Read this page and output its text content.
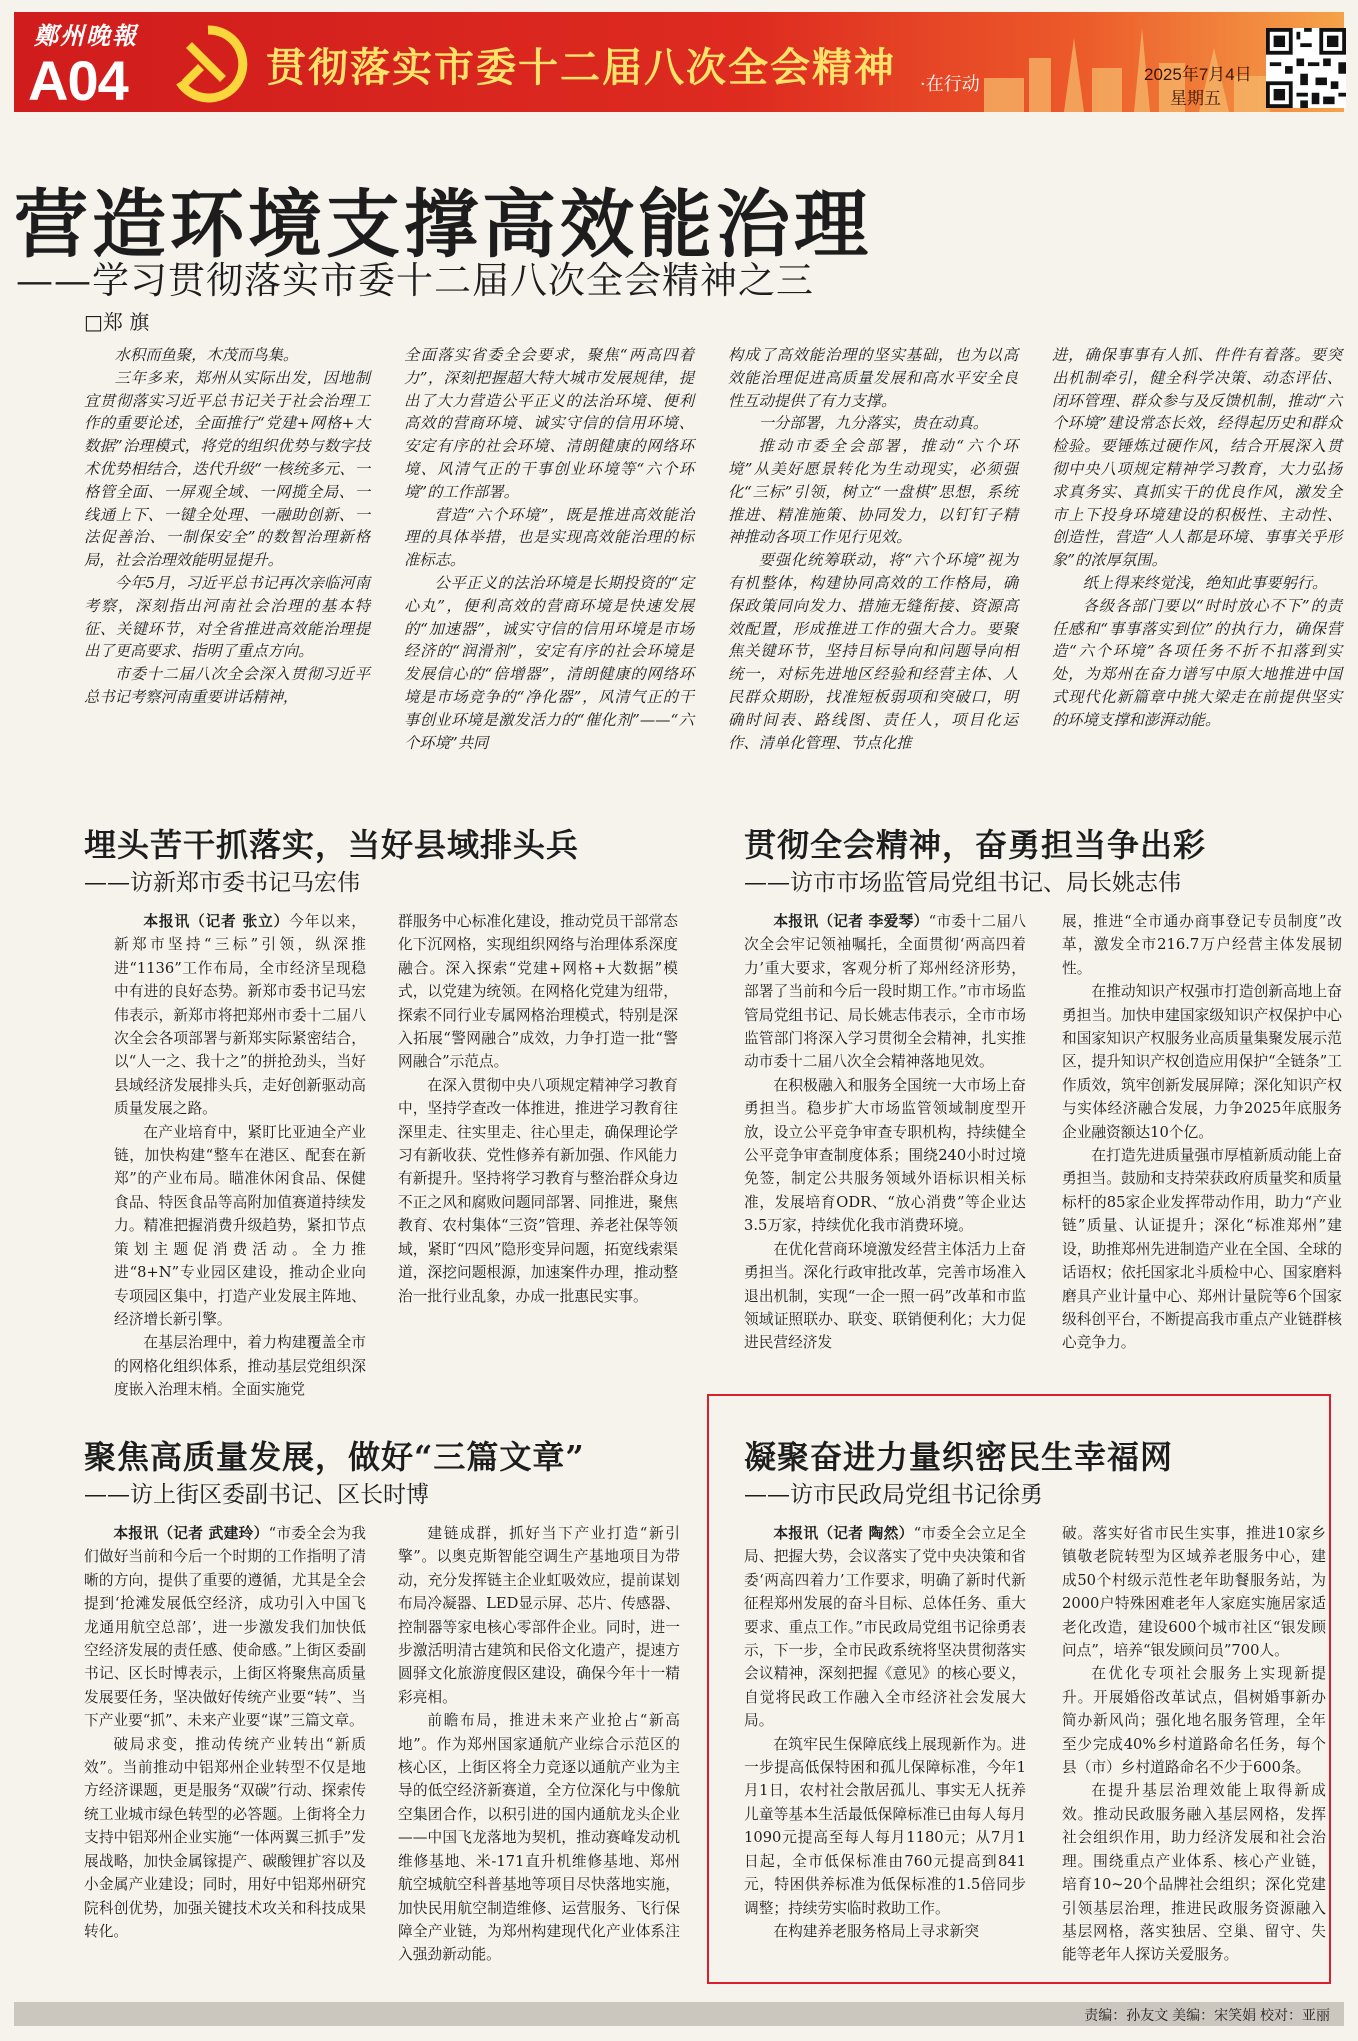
鄭州晚報
A04	贯彻落实市委十二届八次全会精神 ·在行动	2025年7月4日
星期五
营造环境支撑高效能治理
——学习贯彻落实市委十二届八次全会精神之三
□郑 旗

水积而鱼聚，木茂而鸟集。

三年多来，郑州从实际出发，因地制宜贯彻落实习近平总书记关于社会治理工作的重要论述，全面推行“党建+网格+大数据”治理模式，将党的组织优势与数字技术优势相结合，迭代升级“一核统多元、一格管全面、一屏观全域、一网揽全局、一线通上下、一键全处理、一融助创新、一法促善治、一制保安全”的数智治理新格局，社会治理效能明显提升。

今年5月，习近平总书记再次亲临河南考察，深刻指出河南社会治理的基本特征、关键环节，对全省推进高效能治理提出了更高要求、指明了重点方向。

市委十二届八次全会深入贯彻习近平总书记考察河南重要讲话精神，

全面落实省委全会要求，聚焦“两高四着力”，深刻把握超大特大城市发展规律，提出了大力营造公平正义的法治环境、便利高效的营商环境、诚实守信的信用环境、安定有序的社会环境、清朗健康的网络环境、风清气正的干事创业环境等“六个环境”的工作部署。

营造“六个环境”，既是推进高效能治理的具体举措，也是实现高效能治理的标准标志。

公平正义的法治环境是长期投资的“定心丸”，便利高效的营商环境是快速发展的“加速器”，诚实守信的信用环境是市场经济的“润滑剂”，安定有序的社会环境是发展信心的“倍增器”，清朗健康的网络环境是市场竞争的“净化器”，风清气正的干事创业环境是激发活力的“催化剂”——“六个环境”共同

构成了高效能治理的坚实基础，也为以高效能治理促进高质量发展和高水平安全良性互动提供了有力支撑。

一分部署，九分落实，贵在动真。

推动市委全会部署，推动“六个环境”从美好愿景转化为生动现实，必须强化“三标”引领，树立“一盘棋”思想，系统推进、精准施策、协同发力，以钉钉子精神推动各项工作见行见效。

要强化统筹联动，将“六个环境”视为有机整体，构建协同高效的工作格局，确保政策同向发力、措施无缝衔接、资源高效配置，形成推进工作的强大合力。要聚焦关键环节，坚持目标导向和问题导向相统一，对标先进地区经验和经营主体、人民群众期盼，找准短板弱项和突破口，明确时间表、路线图、责任人，项目化运作、清单化管理、节点化推

进，确保事事有人抓、件件有着落。要突出机制牵引，健全科学决策、动态评估、闭环管理、群众参与及反馈机制，推动“六个环境”建设常态长效，经得起历史和群众检验。要锤炼过硬作风，结合开展深入贯彻中央八项规定精神学习教育，大力弘扬求真务实、真抓实干的优良作风，激发全市上下投身环境建设的积极性、主动性、创造性，营造“人人都是环境、事事关乎形象”的浓厚氛围。

纸上得来终觉浅，绝知此事要躬行。

各级各部门要以“时时放心不下”的责任感和“事事落实到位”的执行力，确保营造“六个环境”各项任务不折不扣落到实处，为郑州在奋力谱写中原大地推进中国式现代化新篇章中挑大梁走在前提供坚实的环境支撑和澎湃动能。

埋头苦干抓落实，当好县域排头兵
——访新郑市委书记马宏伟

本报讯（记者 张立）今年以来，新郑市坚持“三标”引领，纵深推进“1136”工作布局，全市经济呈现稳中有进的良好态势。新郑市委书记马宏伟表示，新郑市将把郑州市委十二届八次全会各项部署与新郑实际紧密结合，以“人一之、我十之”的拼抢劲头，当好县域经济发展排头兵，走好创新驱动高质量发展之路。

在产业培育中，紧盯比亚迪全产业链，加快构建“整车在港区、配套在新郑”的产业布局。瞄准休闲食品、保健食品、特医食品等高附加值赛道持续发力。精准把握消费升级趋势，紧扣节点策划主题促消费活动。全力推进“8+N”专业园区建设，推动企业向专项园区集中，打造产业发展主阵地、经济增长新引擎。

在基层治理中，着力构建覆盖全市的网格化组织体系，推动基层党组织深度嵌入治理末梢。全面实施党

群服务中心标准化建设，推动党员干部常态化下沉网格，实现组织网络与治理体系深度融合。深入探索“党建+网格+大数据”模式，以党建为统领。在网格化党建为纽带，探索不同行业专属网格治理模式，特别是深入拓展“警网融合”成效，力争打造一批“警网融合”示范点。

在深入贯彻中央八项规定精神学习教育中，坚持学查改一体推进，推进学习教育往深里走、往实里走、往心里走，确保理论学习有新收获、党性修养有新加强、作风能力有新提升。坚持将学习教育与整治群众身边不正之风和腐败问题同部署、同推进，聚焦教育、农村集体“三资”管理、养老社保等领域，紧盯“四风”隐形变异问题，拓宽线索渠道，深挖问题根源，加速案件办理，推动整治一批行业乱象，办成一批惠民实事。

贯彻全会精神，奋勇担当争出彩
——访市市场监管局党组书记、局长姚志伟

本报讯（记者 李爱琴）“市委十二届八次全会牢记领袖嘱托，全面贯彻‘两高四着力’重大要求，客观分析了郑州经济形势，部署了当前和今后一段时期工作。”市市场监管局党组书记、局长姚志伟表示，全市市场监管部门将深入学习贯彻全会精神，扎实推动市委十二届八次全会精神落地见效。

在积极融入和服务全国统一大市场上奋勇担当。稳步扩大市场监管领域制度型开放，设立公平竞争审查专职机构，持续健全公平竞争审查制度体系；围绕240小时过境免签，制定公共服务领域外语标识相关标准，发展培育ODR、“放心消费”等企业达3.5万家，持续优化我市消费环境。

在优化营商环境激发经营主体活力上奋勇担当。深化行政审批改革，完善市场准入退出机制，实现“一企一照一码”改革和市监领域证照联办、联变、联销便利化；大力促进民营经济发

展，推进“全市通办商事登记专员制度”改革，激发全市216.7万户经营主体发展韧性。

在推动知识产权强市打造创新高地上奋勇担当。加快申建国家级知识产权保护中心和国家知识产权服务业高质量集聚发展示范区，提升知识产权创造应用保护“全链条”工作质效，筑牢创新发展屏障；深化知识产权与实体经济融合发展，力争2025年底服务企业融资额达10个亿。

在打造先进质量强市厚植新质动能上奋勇担当。鼓励和支持荣获政府质量奖和质量标杆的85家企业发挥带动作用，助力“产业链”质量、认证提升；深化“标准郑州”建设，助推郑州先进制造产业在全国、全球的话语权；依托国家北斗质检中心、国家磨料磨具产业计量中心、郑州计量院等6个国家级科创平台，不断提高我市重点产业链群核心竞争力。

聚焦高质量发展，做好“三篇文章”
——访上街区委副书记、区长时博

本报讯（记者 武建玲）“市委全会为我们做好当前和今后一个时期的工作指明了清晰的方向，提供了重要的遵循，尤其是全会提到‘抢滩发展低空经济，成功引入中国飞龙通用航空总部’，进一步激发我们加快低空经济发展的责任感、使命感。”上街区委副书记、区长时博表示，上街区将聚焦高质量发展要任务，坚决做好传统产业要“转”、当下产业要“抓”、未来产业要“谋”三篇文章。

破局求变，推动传统产业转出“新质效”。当前推动中铝郑州企业转型不仅是地方经济课题，更是服务“双碳”行动、探索传统工业城市绿色转型的必答题。上街将全力支持中铝郑州企业实施“一体两翼三抓手”发展战略，加快金属镓提产、碳酸锂扩容以及小金属产业建设；同时，用好中铝郑州研究院科创优势，加强关键技术攻关和科技成果转化。

建链成群，抓好当下产业打造“新引擎”。以奥克斯智能空调生产基地项目为带动，充分发挥链主企业虹吸效应，提前谋划布局冷凝器、LED显示屏、芯片、传感器、控制器等家电核心零部件企业。同时，进一步激活明清古建筑和民俗文化遗产，提速方圆驿文化旅游度假区建设，确保今年十一精彩亮相。

前瞻布局，推进未来产业抢占“新高地”。作为郑州国家通航产业综合示范区的核心区，上街区将全力竞逐以通航产业为主导的低空经济新赛道，全方位深化与中像航空集团合作，以积引进的国内通航龙头企业——中国飞龙落地为契机，推动赛峰发动机维修基地、米-171直升机维修基地、郑州航空城航空科普基地等项目尽快落地实施，加快民用航空制造维修、运营服务、飞行保障全产业链，为郑州构建现代化产业体系注入强劲新动能。

凝聚奋进力量织密民生幸福网
——访市民政局党组书记徐勇

本报讯（记者 陶然）“市委全会立足全局、把握大势，会议落实了党中央决策和省委‘两高四着力’工作要求，明确了新时代新征程郑州发展的奋斗目标、总体任务、重大要求、重点工作。”市民政局党组书记徐勇表示，下一步，全市民政系统将坚决贯彻落实会议精神，深刻把握《意见》的核心要义，自觉将民政工作融入全市经济社会发展大局。

在筑牢民生保障底线上展现新作为。进一步提高低保特困和孤儿保障标准，今年1月1日，农村社会散居孤儿、事实无人抚养儿童等基本生活最低保障标准已由每人每月1090元提高至每人每月1180元；从7月1日起，全市低保标准由760元提高到841元，特困供养标准为低保标准的1.5倍同步调整；持续劳实临时救助工作。

在构建养老服务格局上寻求新突

破。落实好省市民生实事，推进10家乡镇敬老院转型为区域养老服务中心，建成50个村级示范性老年助餐服务站，为2000户特殊困难老年人家庭实施居家适老化改造，建设600个城市社区“银发顾问点”，培养“银发顾问员”700人。

在优化专项社会服务上实现新提升。开展婚俗改革试点，倡树婚事新办简办新风尚；强化地名服务管理，全年至少完成40%乡村道路命名任务，每个县（市）乡村道路命名不少于600条。

在提升基层治理效能上取得新成效。推动民政服务融入基层网格，发挥社会组织作用，助力经济发展和社会治理。围绕重点产业体系、核心产业链，培育10~20个品牌社会组织；深化党建引领基层治理，推进民政服务资源融入基层网格，落实独居、空巢、留守、失能等老年人探访关爱服务。

责编：孙友文 美编：宋笑娟 校对：亚丽
